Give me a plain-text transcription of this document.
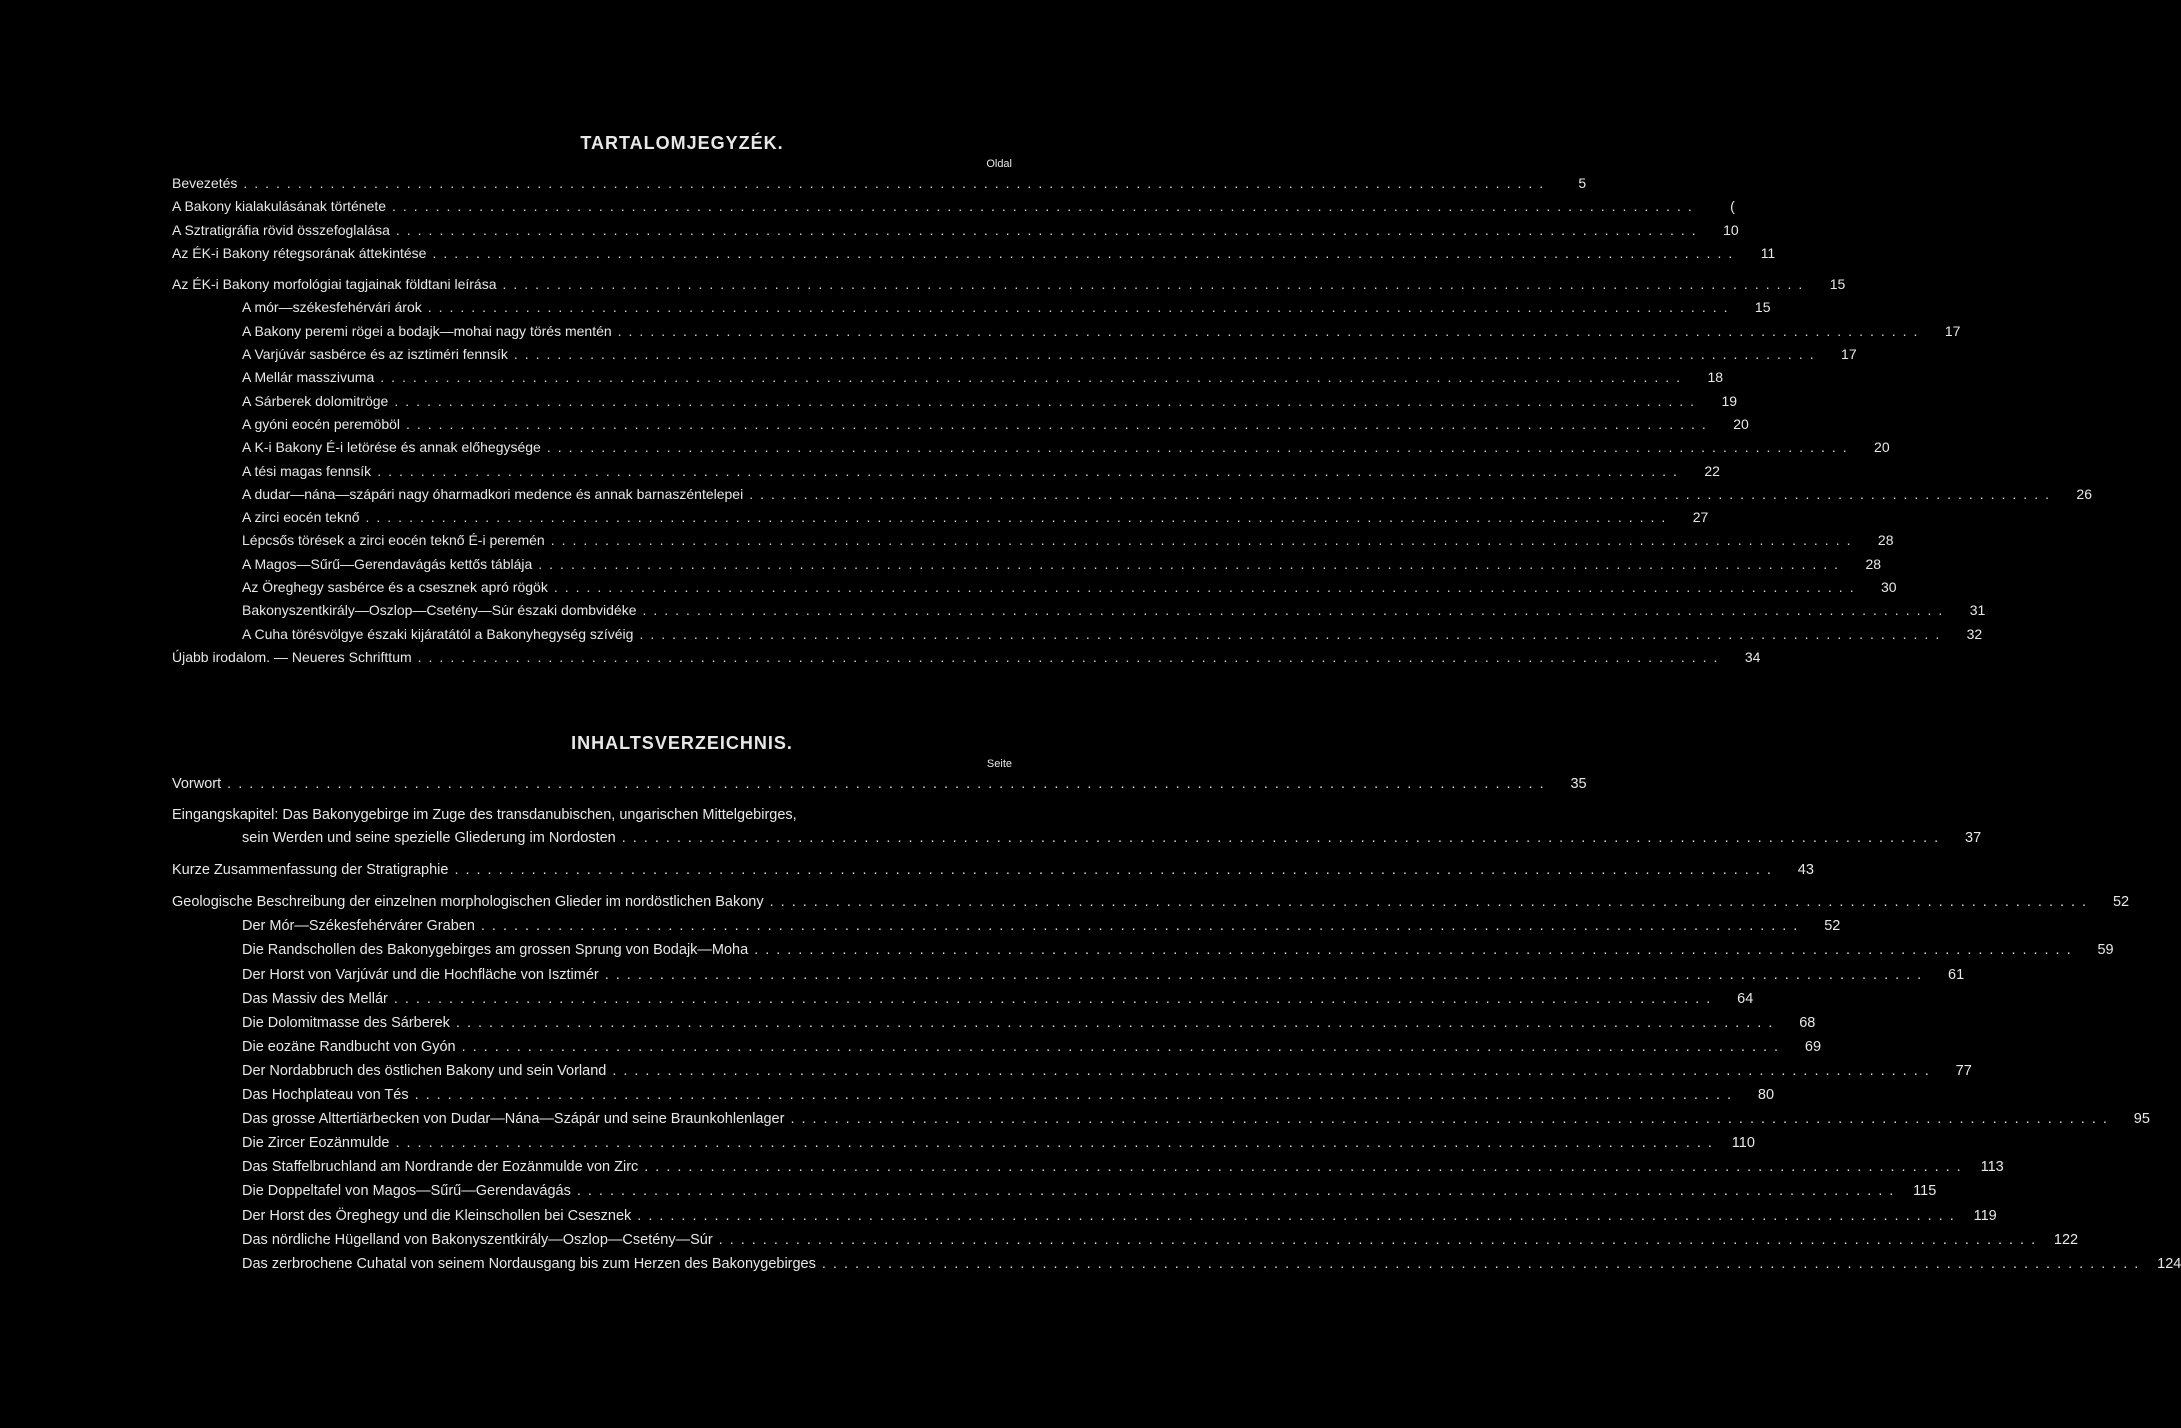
TARTALOMJEGYZÉK.
Oldal
Bevezetés ........................................................................................................................	5
A Bakony kialakulásának története ........................................................................................................................	(
A Sztratigráfia rövid összefoglalása ........................................................................................................................	10
Az ÉK-i Bakony rétegsorának áttekintése ........................................................................................................................	11
Az ÉK-i Bakony morfológiai tagjainak földtani leírása ........................................................................................................................	15
A mór—székesfehérvári árok ........................................................................................................................	15
A Bakony peremi rögei a bodajk—mohai nagy törés mentén ........................................................................................................................	17
A Varjúvár sasbérce és az isztiméri fennsík ........................................................................................................................	17
A Mellár masszivuma ........................................................................................................................	18
A Sárberek dolomitröge ........................................................................................................................	19
A gyóni eocén peremöböl ........................................................................................................................	20
A K-i Bakony É-i letörése és annak előhegysége ........................................................................................................................	20
A tési magas fennsík ........................................................................................................................	22
A dudar—nána—szápári nagy óharmadkori medence és annak barnaszéntelepei ........................................................................................................................	26
A zirci eocén teknő ........................................................................................................................	27
Lépcsős törések a zirci eocén teknő É-i peremén ........................................................................................................................	28
A Magos—Sűrű—Gerendavágás kettős táblája ........................................................................................................................	28
Az Öreghegy sasbérce és a csesznek apró rögök ........................................................................................................................	30
Bakonyszentkirály—Oszlop—Csetény—Súr északi dombvidéke ........................................................................................................................	31
A Cuha törésvölgye északi kijáratától a Bakonyhegység szívéig ........................................................................................................................	32
Újabb irodalom. — Neueres Schrifttum ........................................................................................................................	34
INHALTSVERZEICHNIS.
Seite
Vorwort ........................................................................................................................	35
Eingangskapitel: Das Bakonygebirge im Zuge des transdanubischen, ungarischen Mittelgebirges,
sein Werden und seine spezielle Gliederung im Nordosten ........................................................................................................................	37
Kurze Zusammenfassung der Stratigraphie ........................................................................................................................	43
Geologische Beschreibung der einzelnen morphologischen Glieder im nordöstlichen Bakony ........................................................................................................................	52
Der Mór—Székesfehérvárer Graben ........................................................................................................................	52
Die Randschollen des Bakonygebirges am grossen Sprung von Bodajk—Moha ........................................................................................................................	59
Der Horst von Varjúvár und die Hochfläche von Isztimér ........................................................................................................................	61
Das Massiv des Mellár ........................................................................................................................	64
Die Dolomitmasse des Sárberek ........................................................................................................................	68
Die eozäne Randbucht von Gyón ........................................................................................................................	69
Der Nordabbruch des östlichen Bakony und sein Vorland ........................................................................................................................	77
Das Hochplateau von Tés ........................................................................................................................	80
Das grosse Alttertiärbecken von Dudar—Nána—Szápár und seine Braunkohlenlager ........................................................................................................................	95
Die Zircer Eozänmulde ........................................................................................................................ 110
Das Staffelbruchland am Nordrande der Eozänmulde von Zirc ........................................................................................................................ 113
Die Doppeltafel von Magos—Sűrű—Gerendavágás ........................................................................................................................ 115
Der Horst des Öreghegy und die Kleinschollen bei Csesznek ........................................................................................................................ 119
Das nördliche Hügelland von Bakonyszentkirály—Oszlop—Csetény—Súr ........................................................................................................................ 122
Das zerbrochene Cuhatal von seinem Nordausgang bis zum Herzen des Bakonygebirges ........................................................................................................................ 124
